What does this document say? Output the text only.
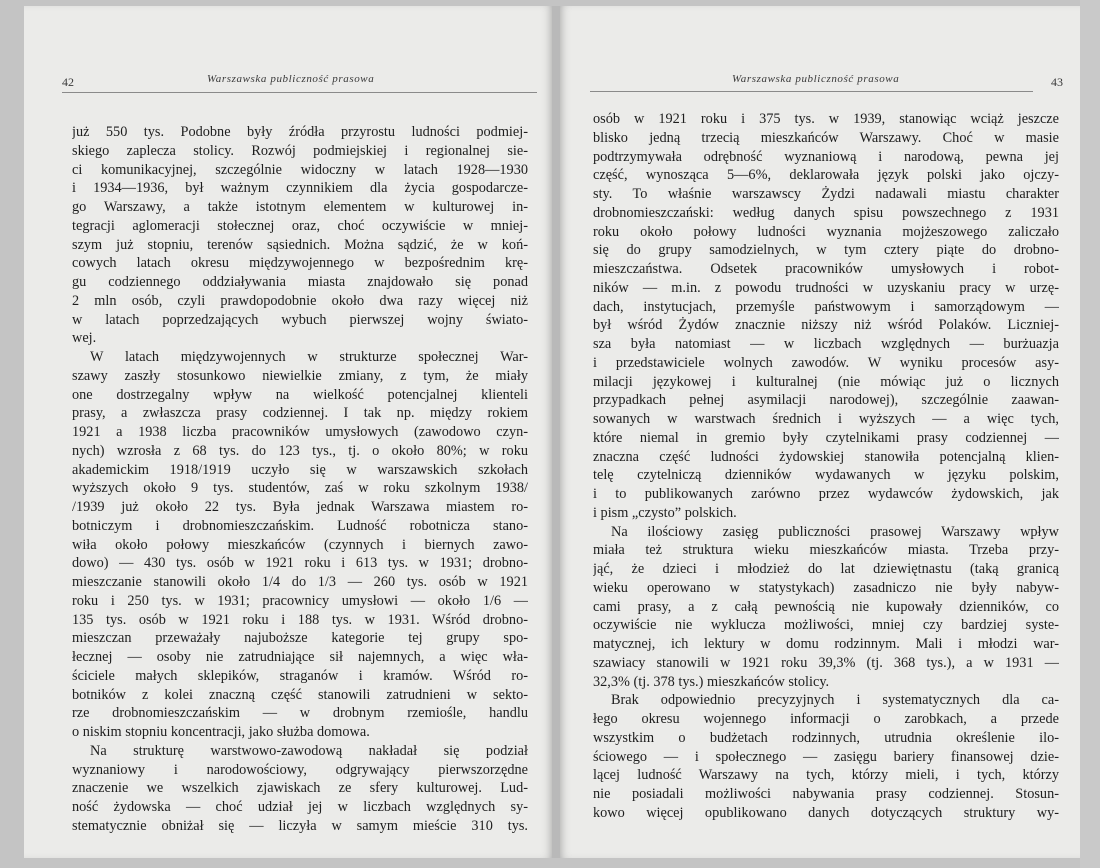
42	Warszawska publiczność prasowa
już 550 tys. Podobne były źródła przyrostu ludności podmiej-
skiego zaplecza stolicy. Rozwój podmiejskiej i regionalnej sie-
ci komunikacyjnej, szczególnie widoczny w latach 1928—1930
i 1934—1936, był ważnym czynnikiem dla życia gospodarcze-
go Warszawy, a także istotnym elementem w kulturowej in-
tegracji aglomeracji stołecznej oraz, choć oczywiście w mniej-
szym już stopniu, terenów sąsiednich. Można sądzić, że w koń-
cowych latach okresu międzywojennego w bezpośrednim krę-
gu codziennego oddziaływania miasta znajdowało się ponad
2 mln osób, czyli prawdopodobnie około dwa razy więcej niż
w latach poprzedzających wybuch pierwszej wojny świato-
wej.
W latach międzywojennych w strukturze społecznej War-
szawy zaszły stosunkowo niewielkie zmiany, z tym, że miały
one dostrzegalny wpływ na wielkość potencjalnej klienteli
prasy, a zwłaszcza prasy codziennej. I tak np. między rokiem
1921 a 1938 liczba pracowników umysłowych (zawodowo czyn-
nych) wzrosła z 68 tys. do 123 tys., tj. o około 80%; w roku
akademickim 1918/1919 uczyło się w warszawskich szkołach
wyższych około 9 tys. studentów, zaś w roku szkolnym 1938/
/1939 już około 22 tys. Była jednak Warszawa miastem ro-
botniczym i drobnomieszczańskim. Ludność robotnicza stano-
wiła około połowy mieszkańców (czynnych i biernych zawo-
dowo) — 430 tys. osób w 1921 roku i 613 tys. w 1931; drobno-
mieszczanie stanowili około 1/4 do 1/3 — 260 tys. osób w 1921
roku i 250 tys. w 1931; pracownicy umysłowi — około 1/6 —
135 tys. osób w 1921 roku i 188 tys. w 1931. Wśród drobno-
mieszczan przeważały najuboższe kategorie tej grupy spo-
łecznej — osoby nie zatrudniające sił najemnych, a więc wła-
ściciele małych sklepików, straganów i kramów. Wśród ro-
botników z kolei znaczną część stanowili zatrudnieni w sekto-
rze drobnomieszczańskim — w drobnym rzemiośle, handlu
o niskim stopniu koncentracji, jako służba domowa.
Na strukturę warstwowo-zawodową nakładał się podział
wyznaniowy i narodowościowy, odgrywający pierwszorzędne
znaczenie we wszelkich zjawiskach ze sfery kulturowej. Lud-
ność żydowska — choć udział jej w liczbach względnych sy-
stematycznie obniżał się — liczyła w samym mieście 310 tys.
Warszawska publiczność prasowa	43
osób w 1921 roku i 375 tys. w 1939, stanowiąc wciąż jeszcze
blisko jedną trzecią mieszkańców Warszawy. Choć w masie
podtrzymywała odrębność wyznaniową i narodową, pewna jej
część, wynosząca 5—6%, deklarowała język polski jako ojczy-
sty. To właśnie warszawscy Żydzi nadawali miastu charakter
drobnomieszczański: według danych spisu powszechnego z 1931
roku około połowy ludności wyznania mojżeszowego zaliczało
się do grupy samodzielnych, w tym cztery piąte do drobno-
mieszczaństwa. Odsetek pracowników umysłowych i robot-
ników — m.in. z powodu trudności w uzyskaniu pracy w urzę-
dach, instytucjach, przemyśle państwowym i samorządowym —
był wśród Żydów znacznie niższy niż wśród Polaków. Liczniej-
sza była natomiast — w liczbach względnych — burżuazja
i przedstawiciele wolnych zawodów. W wyniku procesów asy-
milacji językowej i kulturalnej (nie mówiąc już o licznych
przypadkach pełnej asymilacji narodowej), szczególnie zaawan-
sowanych w warstwach średnich i wyższych — a więc tych,
które niemal in gremio były czytelnikami prasy codziennej —
znaczna część ludności żydowskiej stanowiła potencjalną klien-
telę czytelniczą dzienników wydawanych w języku polskim,
i to publikowanych zarówno przez wydawców żydowskich, jak
i pism „czysto” polskich.
Na ilościowy zasięg publiczności prasowej Warszawy wpływ
miała też struktura wieku mieszkańców miasta. Trzeba przy-
jąć, że dzieci i młodzież do lat dziewiętnastu (taką granicą
wieku operowano w statystykach) zasadniczo nie były nabyw-
cami prasy, a z całą pewnością nie kupowały dzienników, co
oczywiście nie wyklucza możliwości, mniej czy bardziej syste-
matycznej, ich lektury w domu rodzinnym. Mali i młodzi war-
szawiacy stanowili w 1921 roku 39,3% (tj. 368 tys.), a w 1931 —
32,3% (tj. 378 tys.) mieszkańców stolicy.
Brak odpowiednio precyzyjnych i systematycznych dla ca-
łego okresu wojennego informacji o zarobkach, a przede
wszystkim o budżetach rodzinnych, utrudnia określenie ilo-
ściowego — i społecznego — zasięgu bariery finansowej dzie-
lącej ludność Warszawy na tych, którzy mieli, i tych, którzy
nie posiadali możliwości nabywania prasy codziennej. Stosun-
kowo więcej opublikowano danych dotyczących struktury wy-
